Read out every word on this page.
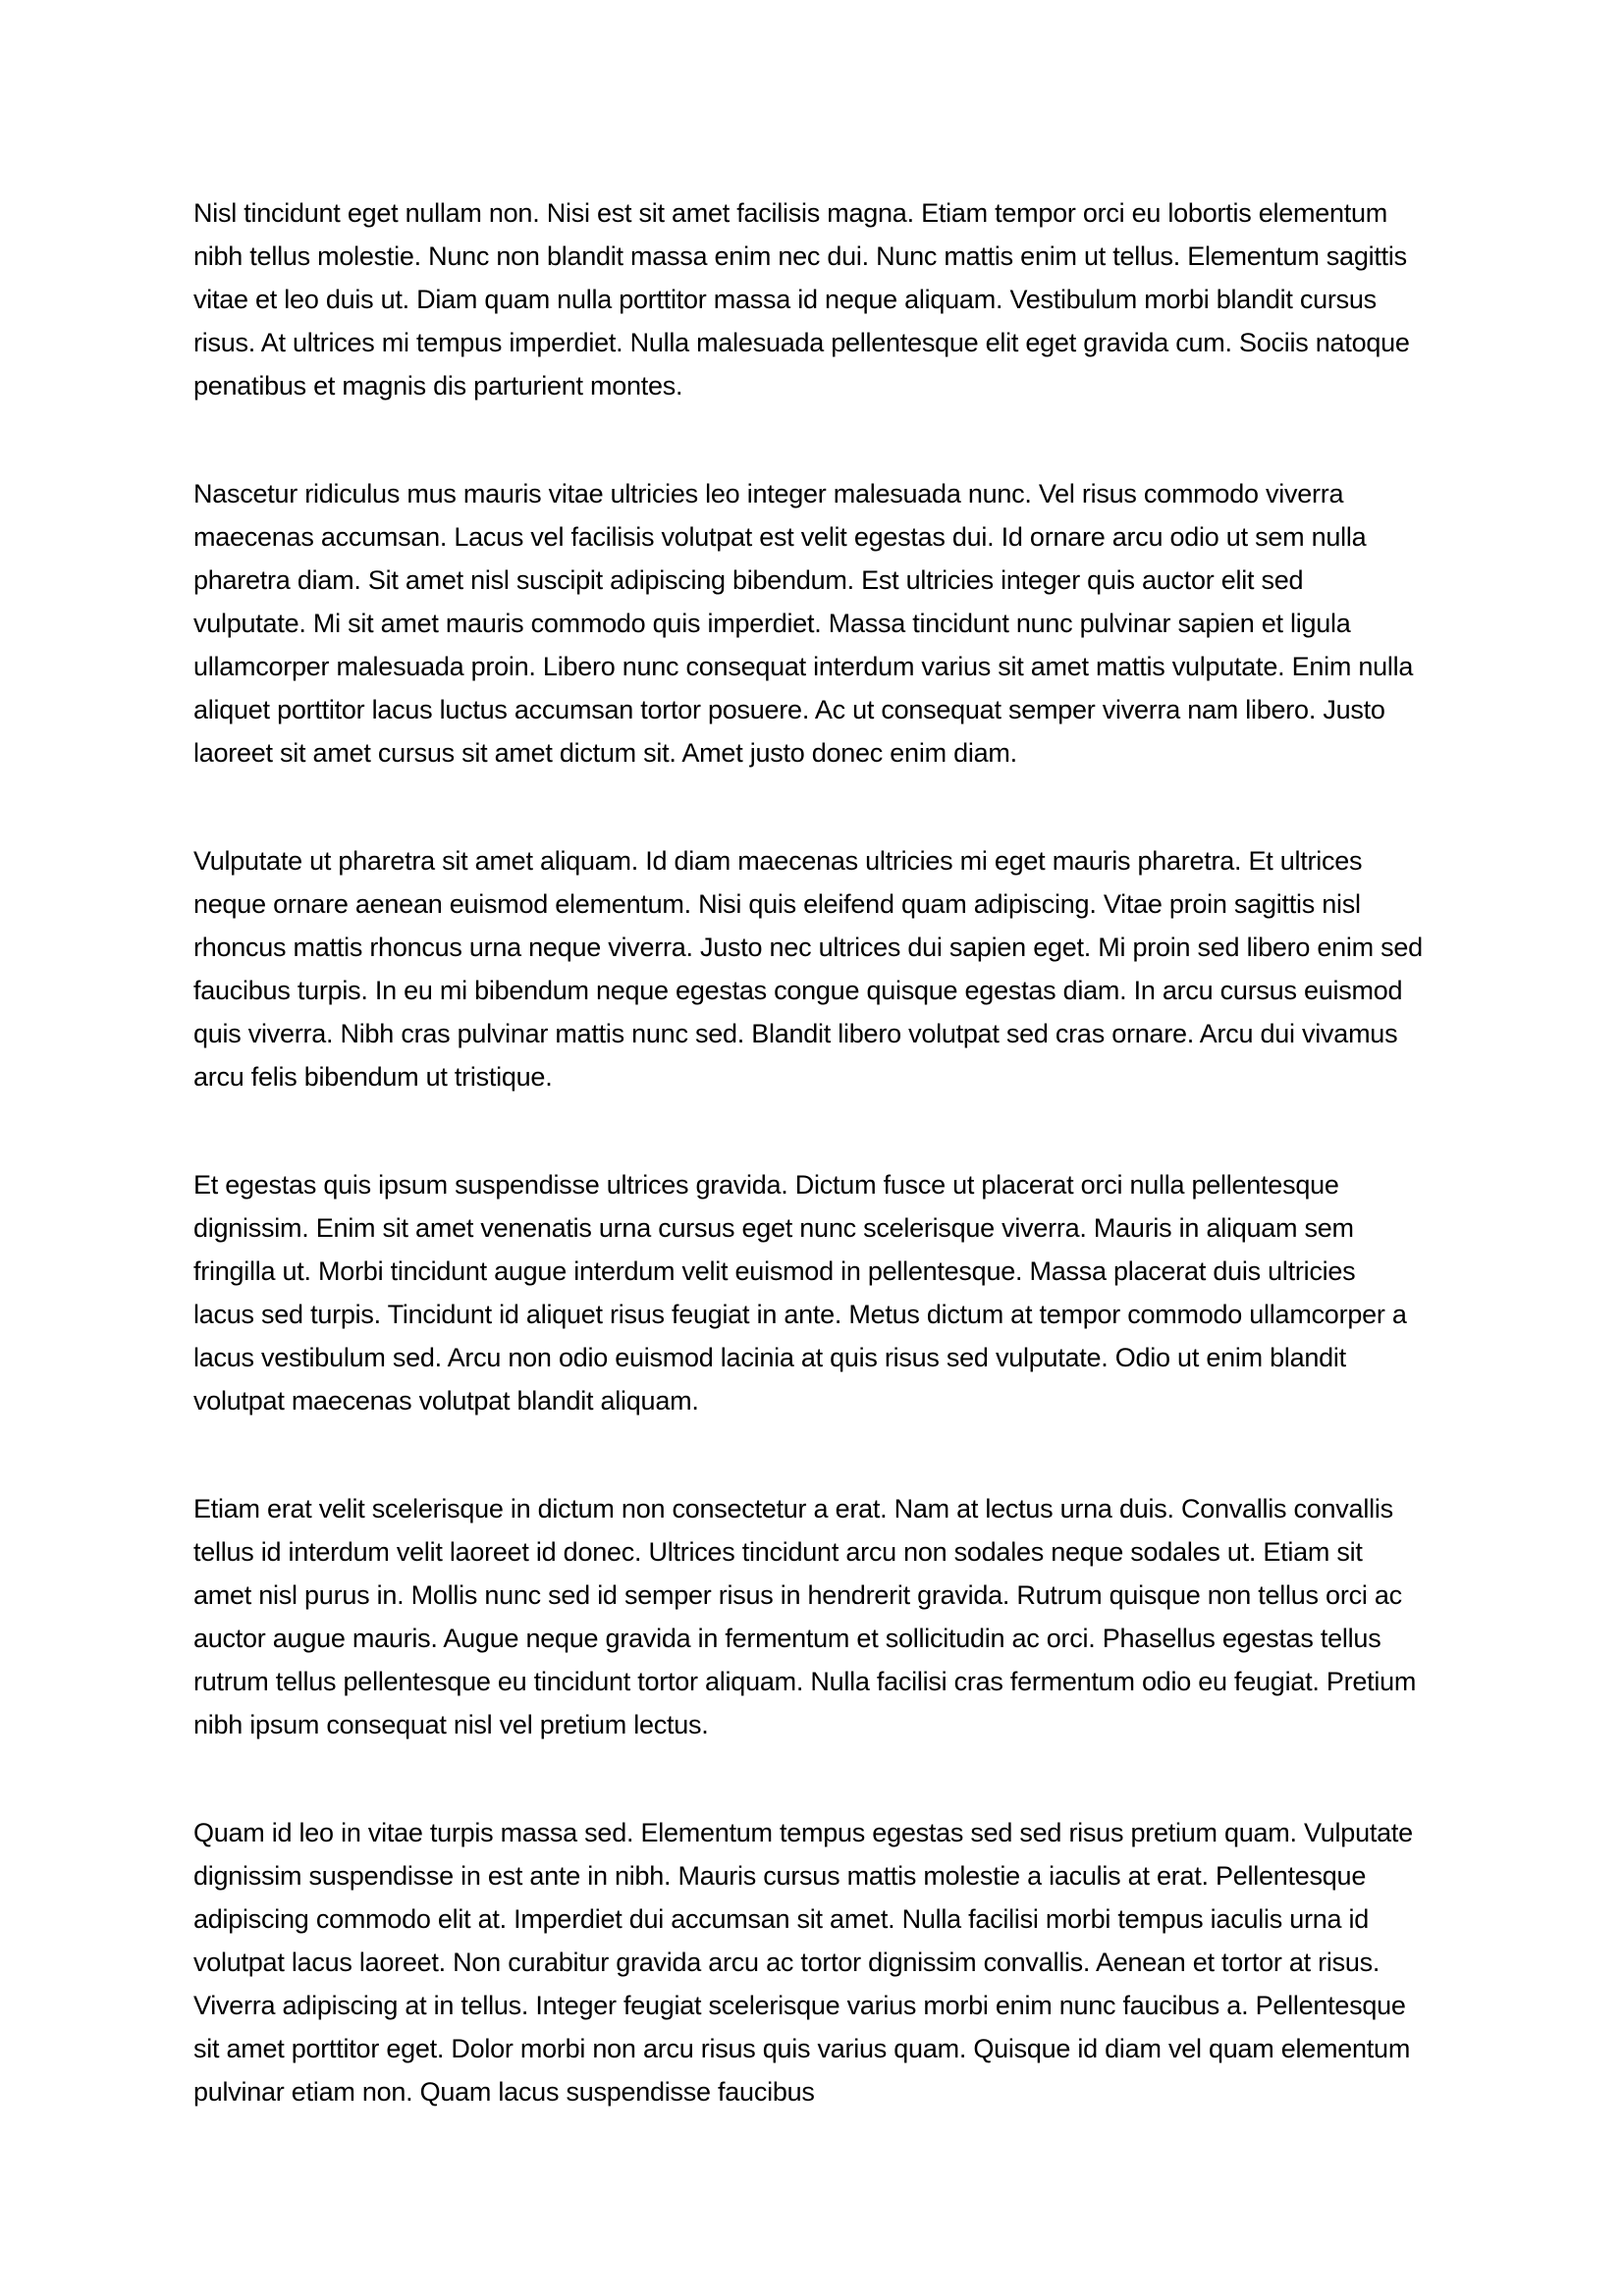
Nisl tincidunt eget nullam non. Nisi est sit amet facilisis magna. Etiam tempor orci eu lobortis elementum nibh tellus molestie. Nunc non blandit massa enim nec dui. Nunc mattis enim ut tellus. Elementum sagittis vitae et leo duis ut. Diam quam nulla porttitor massa id neque aliquam. Vestibulum morbi blandit cursus risus. At ultrices mi tempus imperdiet. Nulla malesuada pellentesque elit eget gravida cum. Sociis natoque penatibus et magnis dis parturient montes.

Nascetur ridiculus mus mauris vitae ultricies leo integer malesuada nunc. Vel risus commodo viverra maecenas accumsan. Lacus vel facilisis volutpat est velit egestas dui. Id ornare arcu odio ut sem nulla pharetra diam. Sit amet nisl suscipit adipiscing bibendum. Est ultricies integer quis auctor elit sed vulputate. Mi sit amet mauris commodo quis imperdiet. Massa tincidunt nunc pulvinar sapien et ligula ullamcorper malesuada proin. Libero nunc consequat interdum varius sit amet mattis vulputate. Enim nulla aliquet porttitor lacus luctus accumsan tortor posuere. Ac ut consequat semper viverra nam libero. Justo laoreet sit amet cursus sit amet dictum sit. Amet justo donec enim diam.

Vulputate ut pharetra sit amet aliquam. Id diam maecenas ultricies mi eget mauris pharetra. Et ultrices neque ornare aenean euismod elementum. Nisi quis eleifend quam adipiscing. Vitae proin sagittis nisl rhoncus mattis rhoncus urna neque viverra. Justo nec ultrices dui sapien eget. Mi proin sed libero enim sed faucibus turpis. In eu mi bibendum neque egestas congue quisque egestas diam. In arcu cursus euismod quis viverra. Nibh cras pulvinar mattis nunc sed. Blandit libero volutpat sed cras ornare. Arcu dui vivamus arcu felis bibendum ut tristique.

Et egestas quis ipsum suspendisse ultrices gravida. Dictum fusce ut placerat orci nulla pellentesque dignissim. Enim sit amet venenatis urna cursus eget nunc scelerisque viverra. Mauris in aliquam sem fringilla ut. Morbi tincidunt augue interdum velit euismod in pellentesque. Massa placerat duis ultricies lacus sed turpis. Tincidunt id aliquet risus feugiat in ante. Metus dictum at tempor commodo ullamcorper a lacus vestibulum sed. Arcu non odio euismod lacinia at quis risus sed vulputate. Odio ut enim blandit volutpat maecenas volutpat blandit aliquam.

Etiam erat velit scelerisque in dictum non consectetur a erat. Nam at lectus urna duis. Convallis convallis tellus id interdum velit laoreet id donec. Ultrices tincidunt arcu non sodales neque sodales ut. Etiam sit amet nisl purus in. Mollis nunc sed id semper risus in hendrerit gravida. Rutrum quisque non tellus orci ac auctor augue mauris. Augue neque gravida in fermentum et sollicitudin ac orci. Phasellus egestas tellus rutrum tellus pellentesque eu tincidunt tortor aliquam. Nulla facilisi cras fermentum odio eu feugiat. Pretium nibh ipsum consequat nisl vel pretium lectus.

Quam id leo in vitae turpis massa sed. Elementum tempus egestas sed sed risus pretium quam. Vulputate dignissim suspendisse in est ante in nibh. Mauris cursus mattis molestie a iaculis at erat. Pellentesque adipiscing commodo elit at. Imperdiet dui accumsan sit amet. Nulla facilisi morbi tempus iaculis urna id volutpat lacus laoreet. Non curabitur gravida arcu ac tortor dignissim convallis. Aenean et tortor at risus. Viverra adipiscing at in tellus. Integer feugiat scelerisque varius morbi enim nunc faucibus a. Pellentesque sit amet porttitor eget. Dolor morbi non arcu risus quis varius quam. Quisque id diam vel quam elementum pulvinar etiam non. Quam lacus suspendisse faucibus
